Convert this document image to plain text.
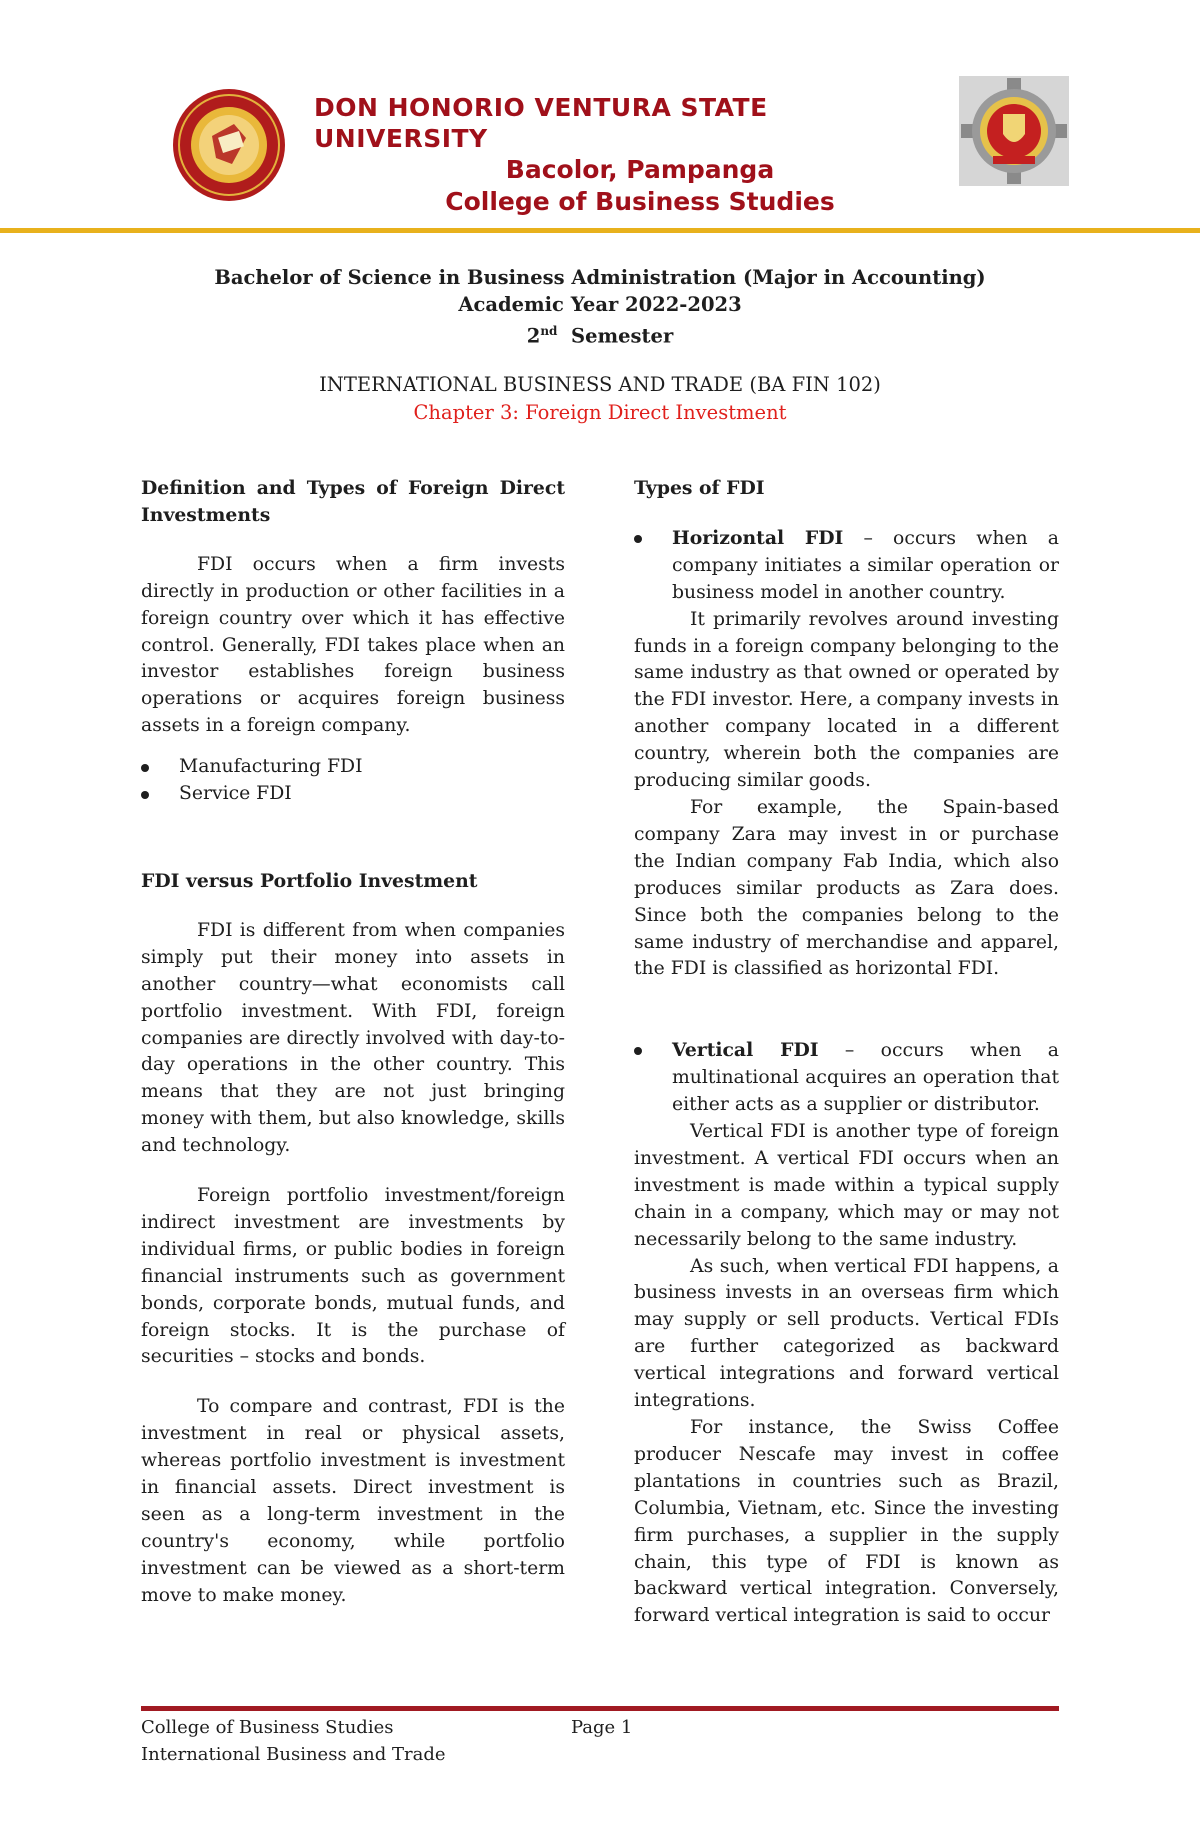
DON HONORIO VENTURA STATE
UNIVERSITY
Bacolor, Pampanga
College of Business Studies
Bachelor of Science in Business Administration (Major in Accounting)
Academic Year 2022-2023
2nd Semester
INTERNATIONAL BUSINESS AND TRADE (BA FIN 102)
Chapter 3: Foreign Direct Investment
Definition and Types of Foreign Direct Investments

FDI occurs when a firm invests directly in production or other facilities in a foreign country over which it has effective control. Generally, FDI takes place when an investor establishes foreign business operations or acquires foreign business assets in a foreign company.

Manufacturing FDI
Service FDI
FDI versus Portfolio Investment

FDI is different from when companies simply put their money into assets in another country—what economists call portfolio investment. With FDI, foreign companies are directly involved with day-to-day operations in the other country. This means that they are not just bringing money with them, but also knowledge, skills and technology.

Foreign portfolio investment/foreign indirect investment are investments by individual firms, or public bodies in foreign financial instruments such as government bonds, corporate bonds, mutual funds, and foreign stocks. It is the purchase of securities – stocks and bonds.

To compare and contrast, FDI is the investment in real or physical assets, whereas portfolio investment is investment in financial assets. Direct investment is seen as a long-term investment in the country's economy, while portfolio investment can be viewed as a short-term move to make money.

Types of FDI
Horizontal FDI – occurs when a company initiates a similar operation or business model in another country.

It primarily revolves around investing funds in a foreign company belonging to the same industry as that owned or operated by the FDI investor. Here, a company invests in another company located in a different country, wherein both the companies are producing similar goods.

For example, the Spain-based company Zara may invest in or purchase the Indian company Fab India, which also produces similar products as Zara does. Since both the companies belong to the same industry of merchandise and apparel, the FDI is classified as horizontal FDI.

Vertical FDI – occurs when a multinational acquires an operation that either acts as a supplier or distributor.

Vertical FDI is another type of foreign investment. A vertical FDI occurs when an investment is made within a typical supply chain in a company, which may or may not necessarily belong to the same industry.

As such, when vertical FDI happens, a business invests in an overseas firm which may supply or sell products. Vertical FDIs are further categorized as backward vertical integrations and forward vertical integrations.

For instance, the Swiss Coffee producer Nescafe may invest in coffee plantations in countries such as Brazil, Columbia, Vietnam, etc. Since the investing firm purchases, a supplier in the supply chain, this type of FDI is known as backward vertical integration. Conversely, forward vertical integration is said to occur

College of Business Studies
International Business and Trade
Page 1
